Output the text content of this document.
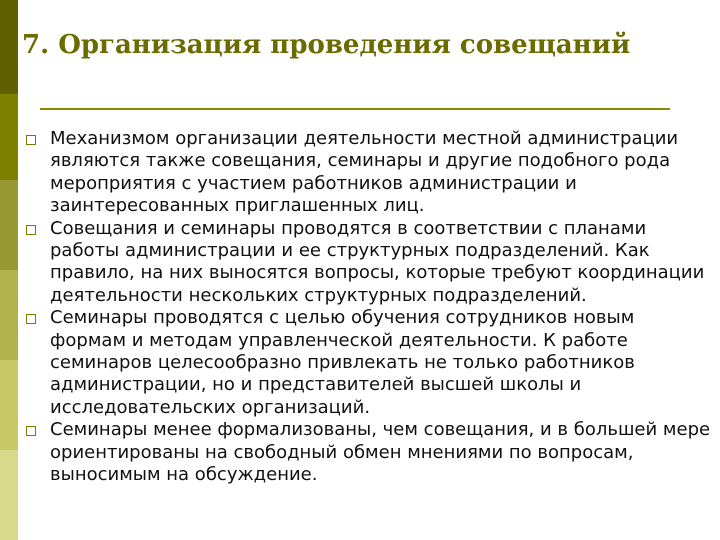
7. Организация проведения совещаний
Механизмом организации деятельности местной администрации являются также совещания, семинары и другие подобного рода мероприятия с участием работников администрации и заинтересованных приглашенных лиц.
Совещания и семинары проводятся в соответствии с планами работы администрации и ее структурных подразделений. Как правило, на них выносятся вопросы, которые требуют координации деятельности нескольких структурных подразделений.
Семинары проводятся с целью обучения сотрудников новым формам и методам управленческой деятельности. К работе семинаров целесообразно привлекать не только работников администрации, но и представителей высшей школы и исследовательских организаций.
Семинары менее формализованы, чем совещания, и в большей мере ориентированы на свободный обмен мнениями по вопросам, выносимым на обсуждение.
